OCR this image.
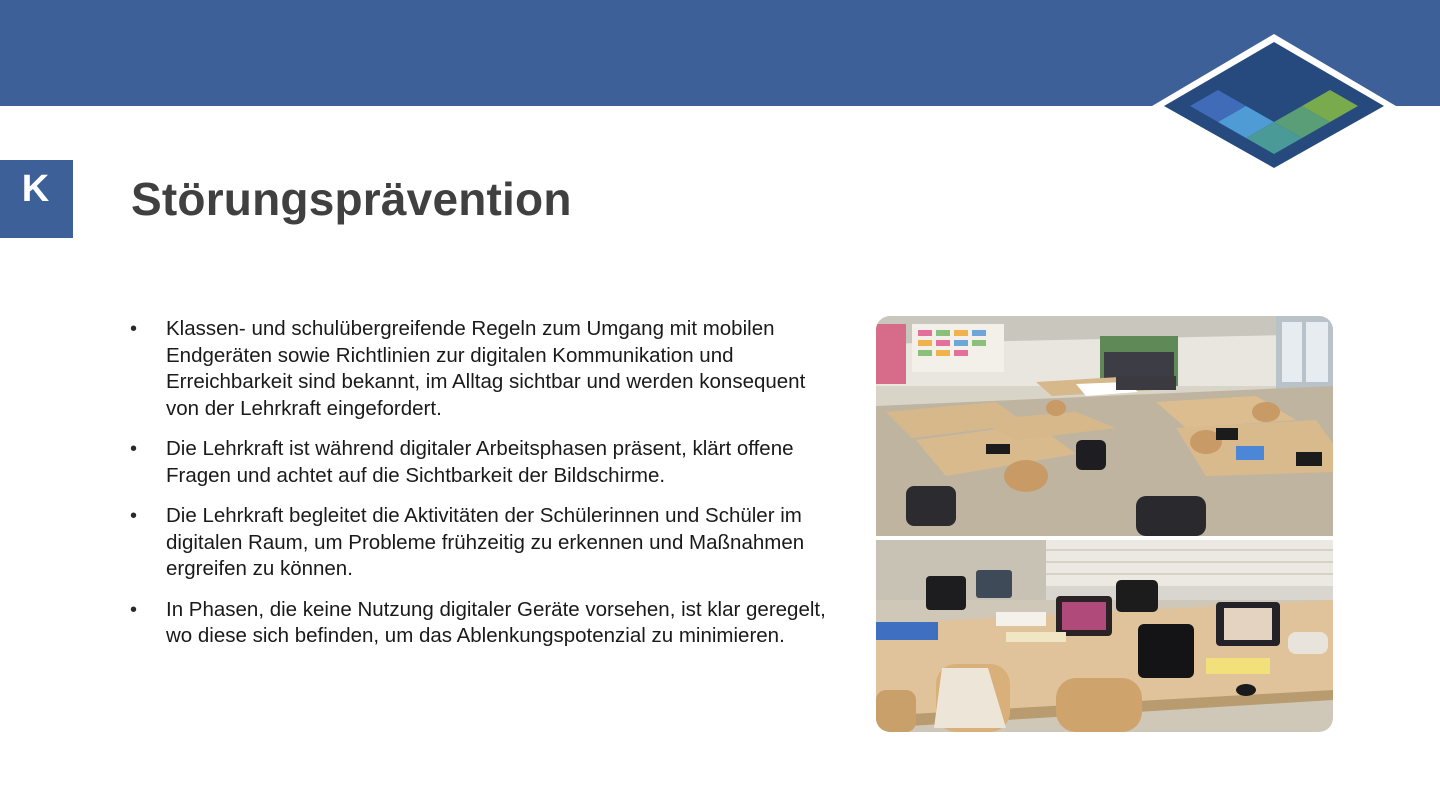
K	Störungsprävention
• Klassen- und schulübergreifende Regeln zum Umgang mit mobilen Endgeräten sowie Richtlinien zur digitalen Kommunikation und Erreichbarkeit sind bekannt, im Alltag sichtbar und werden konsequent von der Lehrkraft eingefordert.
• Die Lehrkraft ist während digitaler Arbeitsphasen präsent, klärt offene Fragen und achtet auf die Sichtbarkeit der Bildschirme.
• Die Lehrkraft begleitet die Aktivitäten der Schülerinnen und Schüler im digitalen Raum, um Probleme frühzeitig zu erkennen und Maßnahmen ergreifen zu können.
• In Phasen, die keine Nutzung digitaler Geräte vorsehen, ist klar geregelt, wo diese sich befinden, um das Ablenkungspotenzial zu minimieren.
